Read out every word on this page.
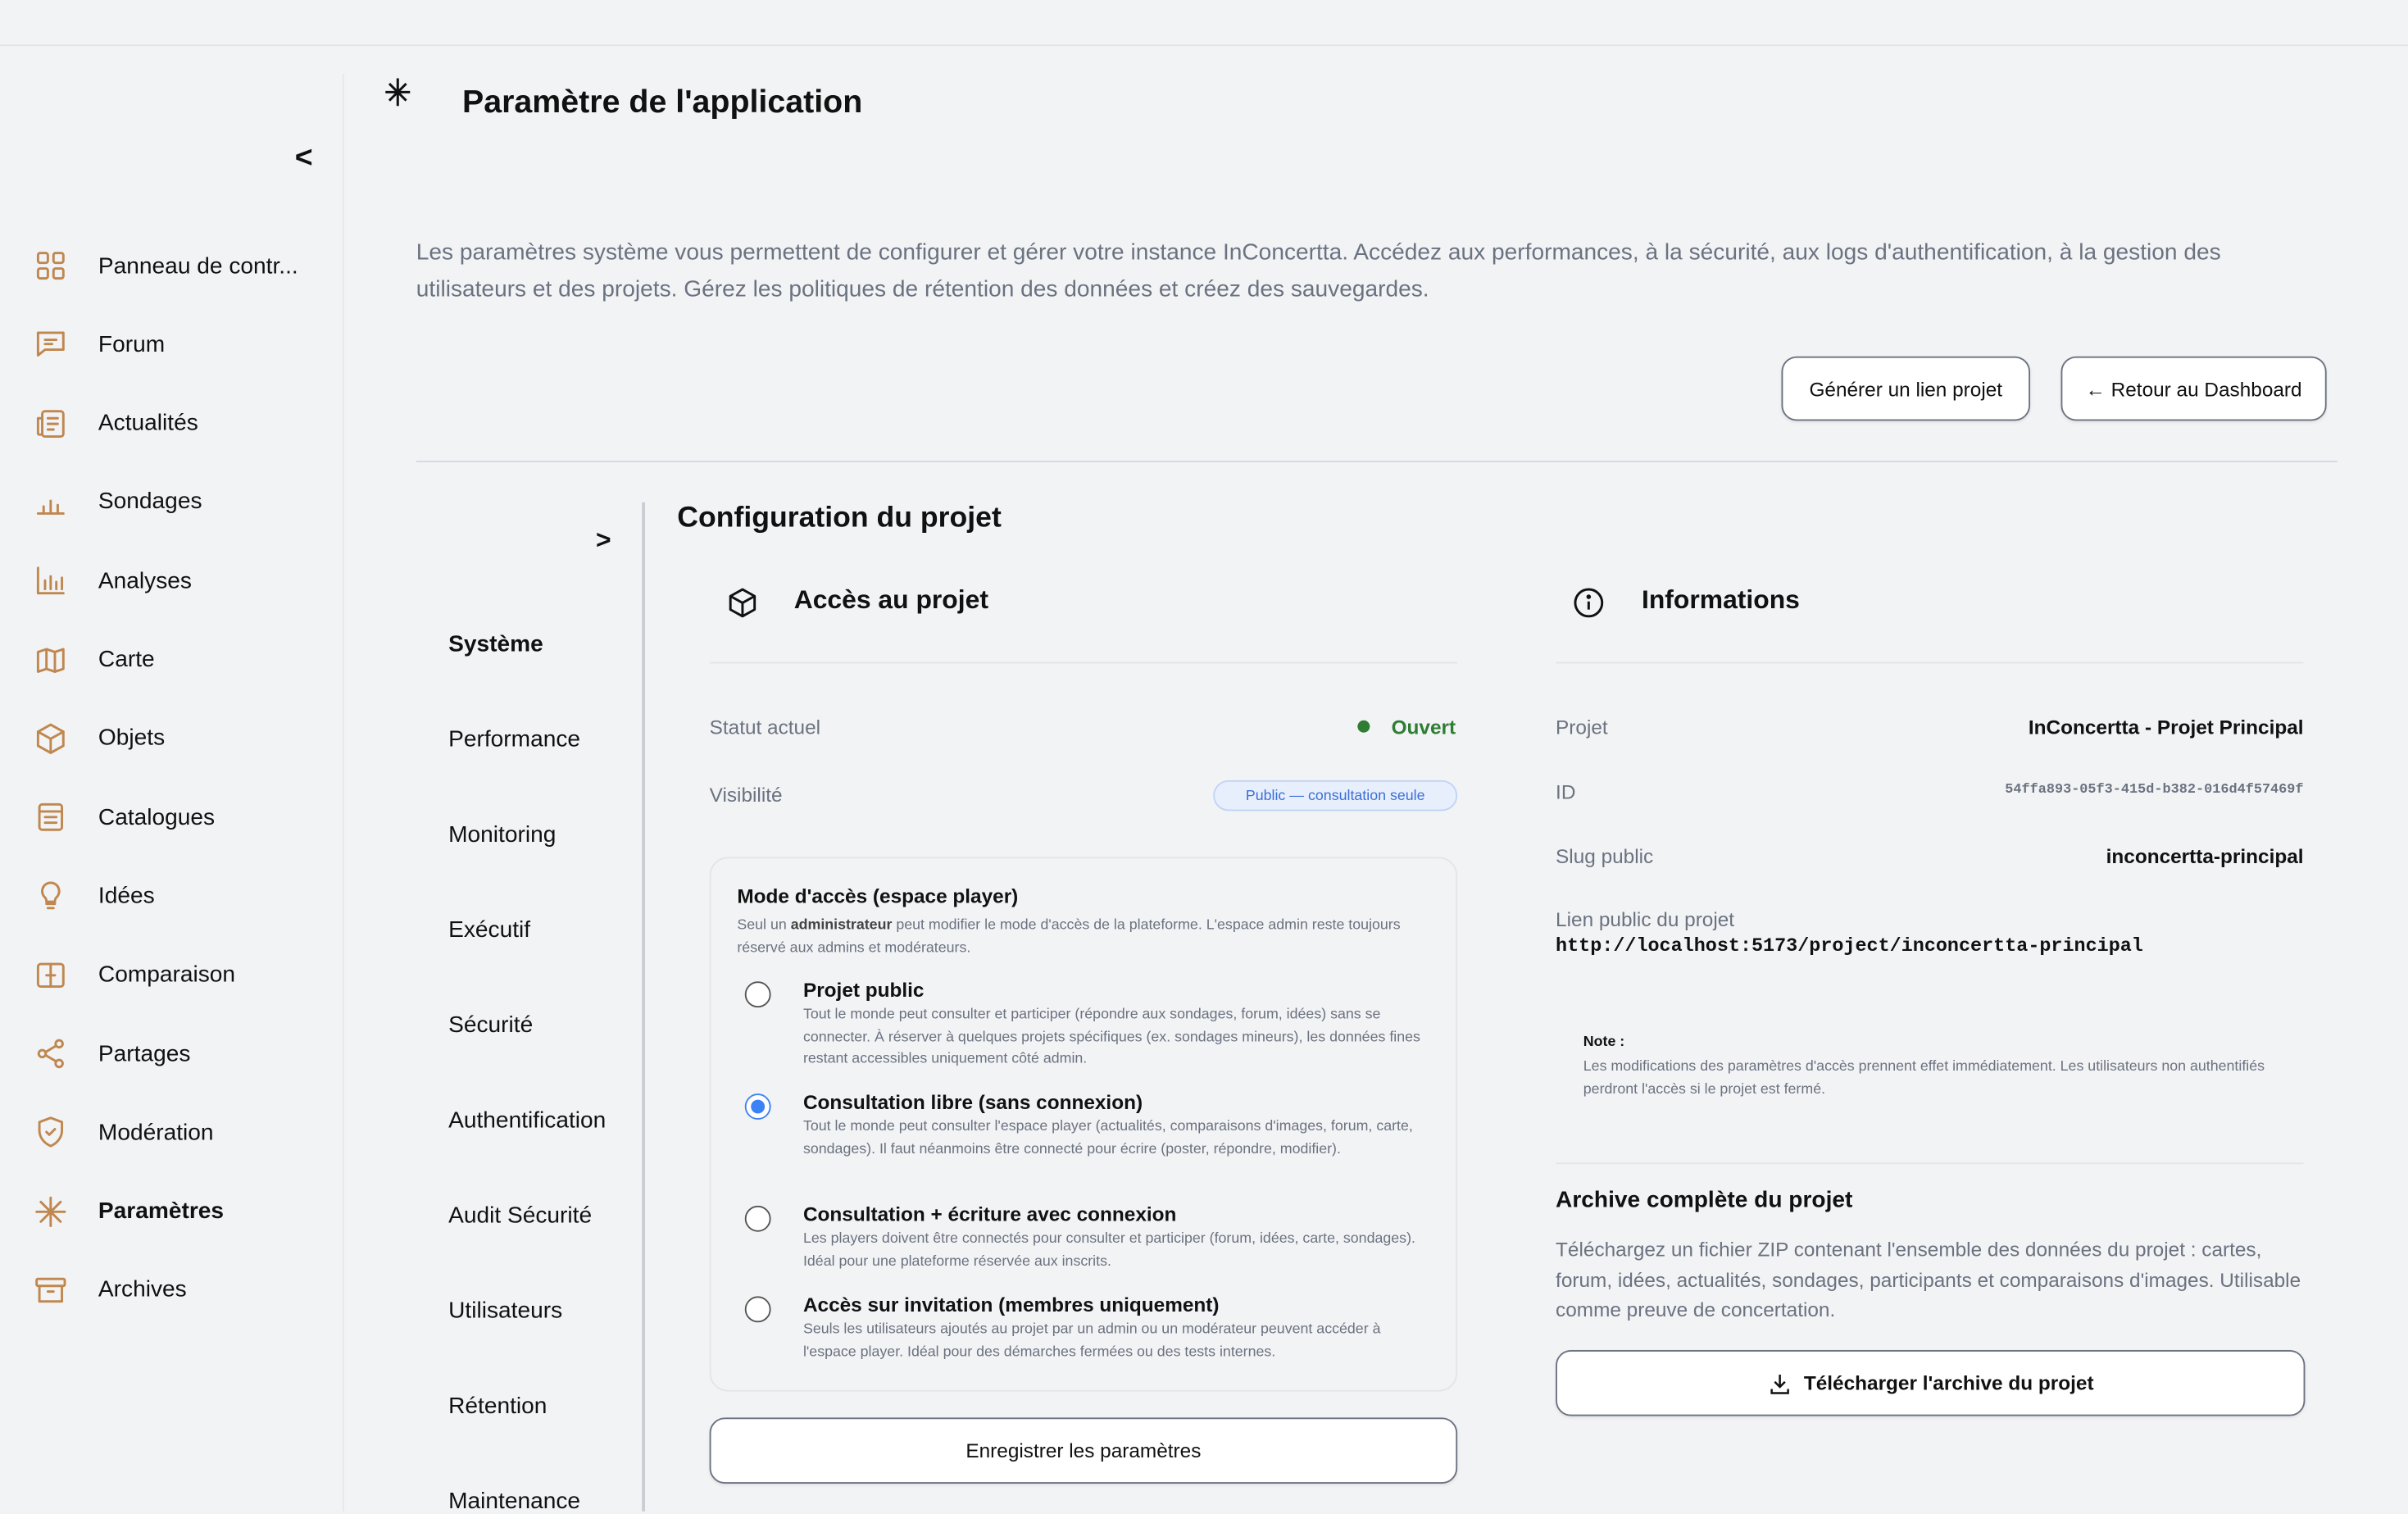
<
Panneau de contr...
Forum
Actualités
Sondages
Analyses
Carte
Objets
Catalogues
Idées
Comparaison
Partages
Modération
Paramètres
Archives
Paramètre de l'application
Les paramètres système vous permettent de configurer et gérer votre instance InConcertta. Accédez aux performances, à la sécurité, aux logs d'authentification, à la gestion des utilisateurs et des projets. Gérez les politiques de rétention des données et créez des sauvegardes.
Générer un lien projet	← Retour au Dashboard
>
Système
Performance
Monitoring
Exécutif
Sécurité
Authentification
Audit Sécurité
Utilisateurs
Rétention
Maintenance
Configuration du projet
Accès au projet
Statut actuel	Ouvert
Visibilité	Public — consultation seule
Mode d'accès (espace player)
Seul un administrateur peut modifier le mode d'accès de la plateforme. L'espace admin reste toujours réservé aux admins et modérateurs.
Projet public
Tout le monde peut consulter et participer (répondre aux sondages, forum, idées) sans se connecter. À réserver à quelques projets spécifiques (ex. sondages mineurs), les données fines restant accessibles uniquement côté admin.
Consultation libre (sans connexion)
Tout le monde peut consulter l'espace player (actualités, comparaisons d'images, forum, carte, sondages). Il faut néanmoins être connecté pour écrire (poster, répondre, modifier).
Consultation + écriture avec connexion
Les players doivent être connectés pour consulter et participer (forum, idées, carte, sondages). Idéal pour une plateforme réservée aux inscrits.
Accès sur invitation (membres uniquement)
Seuls les utilisateurs ajoutés au projet par un admin ou un modérateur peuvent accéder à l'espace player. Idéal pour des démarches fermées ou des tests internes.
Enregistrer les paramètres
Informations
Projet	InConcertta - Projet Principal
ID	54ffa893-05f3-415d-b382-016d4f57469f
Slug public	inconcertta-principal
Lien public du projet
http://localhost:5173/project/inconcertta-principal
Note :
Les modifications des paramètres d'accès prennent effet immédiatement. Les utilisateurs non authentifiés perdront l'accès si le projet est fermé.
Archive complète du projet
Téléchargez un fichier ZIP contenant l'ensemble des données du projet : cartes, forum, idées, actualités, sondages, participants et comparaisons d'images. Utilisable comme preuve de concertation.
Télécharger l'archive du projet
